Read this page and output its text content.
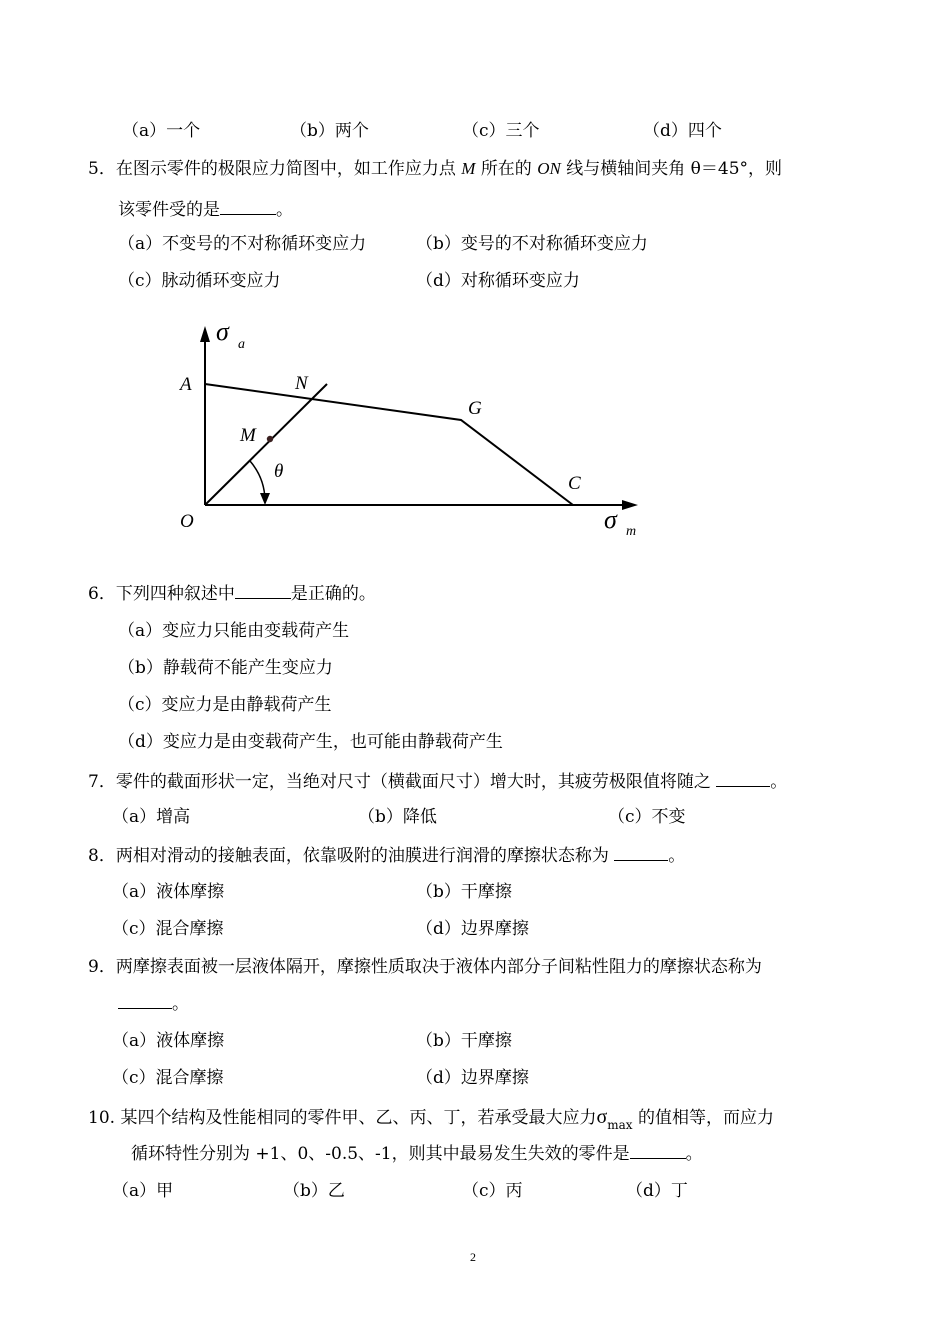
（a）一个	（b）两个	（c）三个	（d）四个
5．在图示零件的极限应力简图中，如工作应力点 M 所在的 ON 线与横轴间夹角 θ＝45°，则
该零件受的是	。
（a）不变号的不对称循环变应力	（b）变号的不对称循环变应力
（c）脉动循环变应力	（d）对称循环变应力
σ a
σ m
A	N
G
M
θ
C
O
6．下列四种叙述中	是正确的。
（a）变应力只能由变载荷产生
（b）静载荷不能产生变应力
（c）变应力是由静载荷产生
（d）变应力是由变载荷产生，也可能由静载荷产生
7．零件的截面形状一定，当绝对尺寸（横截面尺寸）增大时，其疲劳极限值将随之	。
（a）增高	（b）降低	（c）不变
8．两相对滑动的接触表面，依靠吸附的油膜进行润滑的摩擦状态称为	。
（a）液体摩擦	（b）干摩擦
（c）混合摩擦	（d）边界摩擦
9．两摩擦表面被一层液体隔开，摩擦性质取决于液体内部分子间粘性阻力的摩擦状态称为
。
（a）液体摩擦	（b）干摩擦
（c）混合摩擦	（d）边界摩擦
10. 某四个结构及性能相同的零件甲、乙、丙、丁，若承受最大应力$\sigma_{max}$ 的值相等，而应力
循环特性分别为 +1、0、-0.5、-1，则其中最易发生失效的零件是	。
（a）甲	（b）乙	（c）丙	（d）丁
2
